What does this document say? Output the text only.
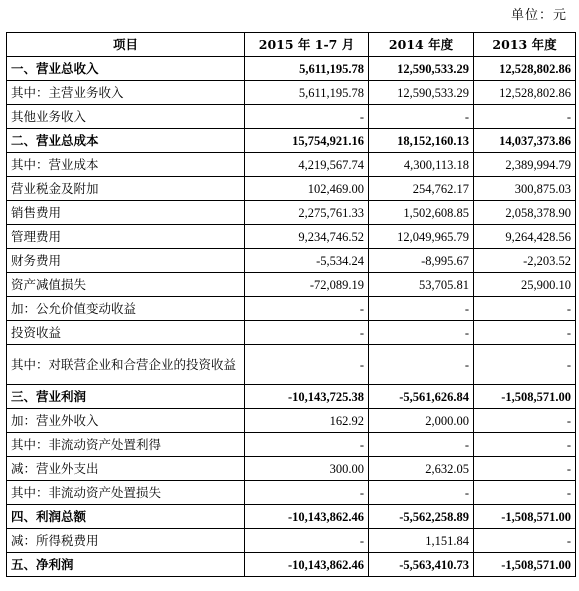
单位：元
项目	2015 年 1-7 月	2014 年度	2013 年度
一、营业总收入	5,611,195.78	12,590,533.29	12,528,802.86
其中：主营业务收入	5,611,195.78	12,590,533.29	12,528,802.86
其他业务收入	-	-	-
二、营业总成本	15,754,921.16	18,152,160.13	14,037,373.86
其中：营业成本	4,219,567.74	4,300,113.18	2,389,994.79
营业税金及附加	102,469.00	254,762.17	300,875.03
销售费用	2,275,761.33	1,502,608.85	2,058,378.90
管理费用	9,234,746.52	12,049,965.79	9,264,428.56
财务费用	-5,534.24	-8,995.67	-2,203.52
资产减值损失	-72,089.19	53,705.81	25,900.10
加：公允价值变动收益	-	-	-
投资收益	-	-	-
其中：对联营企业和合营企业的投资收益	-	-	-
三、营业利润	-10,143,725.38	-5,561,626.84	-1,508,571.00
加：营业外收入	162.92	2,000.00	-
其中：非流动资产处置利得	-	-	-
减：营业外支出	300.00	2,632.05	-
其中：非流动资产处置损失	-	-	-
四、利润总额	-10,143,862.46	-5,562,258.89	-1,508,571.00
减：所得税费用	-	1,151.84	-
五、净利润	-10,143,862.46	-5,563,410.73	-1,508,571.00
